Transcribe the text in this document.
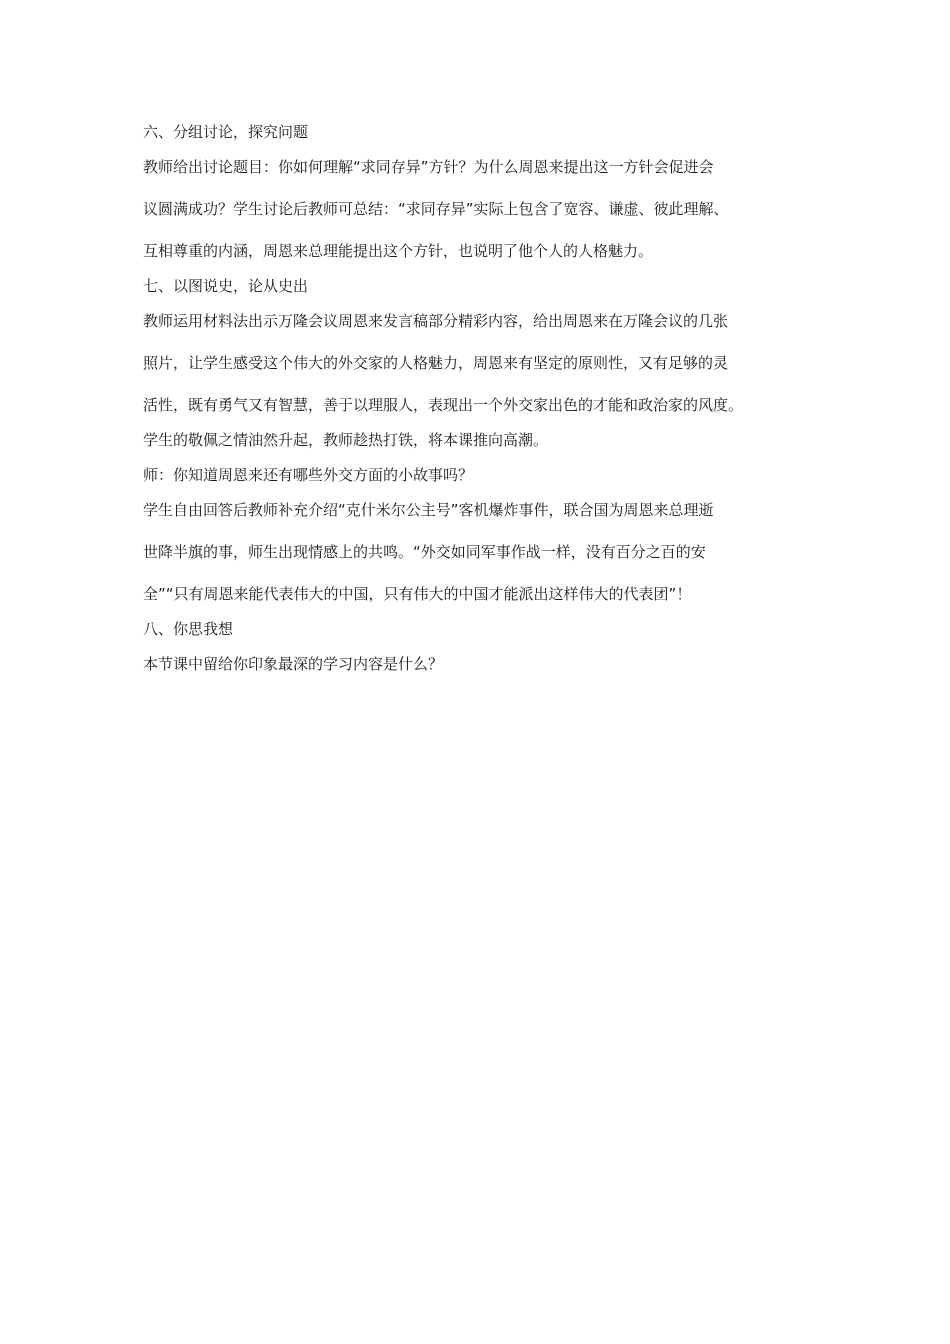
六、分组讨论，探究问题

教师给出讨论题目：你如何理解“求同存异”方针？为什么周恩来提出这一方针会促进会

议圆满成功？学生讨论后教师可总结：“求同存异”实际上包含了宽容、谦虚、彼此理解、

互相尊重的内涵，周恩来总理能提出这个方针，也说明了他个人的人格魅力。

七、以图说史，论从史出

教师运用材料法出示万隆会议周恩来发言稿部分精彩内容，给出周恩来在万隆会议的几张

照片，让学生感受这个伟大的外交家的人格魅力，周恩来有坚定的原则性，又有足够的灵

活性，既有勇气又有智慧，善于以理服人，表现出一个外交家出色的才能和政治家的风度。

学生的敬佩之情油然升起，教师趁热打铁，将本课推向高潮。

师：你知道周恩来还有哪些外交方面的小故事吗？

学生自由回答后教师补充介绍“克什米尔公主号”客机爆炸事件，联合国为周恩来总理逝

世降半旗的事，师生出现情感上的共鸣。“外交如同军事作战一样，没有百分之百的安

全”“只有周恩来能代表伟大的中国，只有伟大的中国才能派出这样伟大的代表团”！

八、你思我想

本节课中留给你印象最深的学习内容是什么？
